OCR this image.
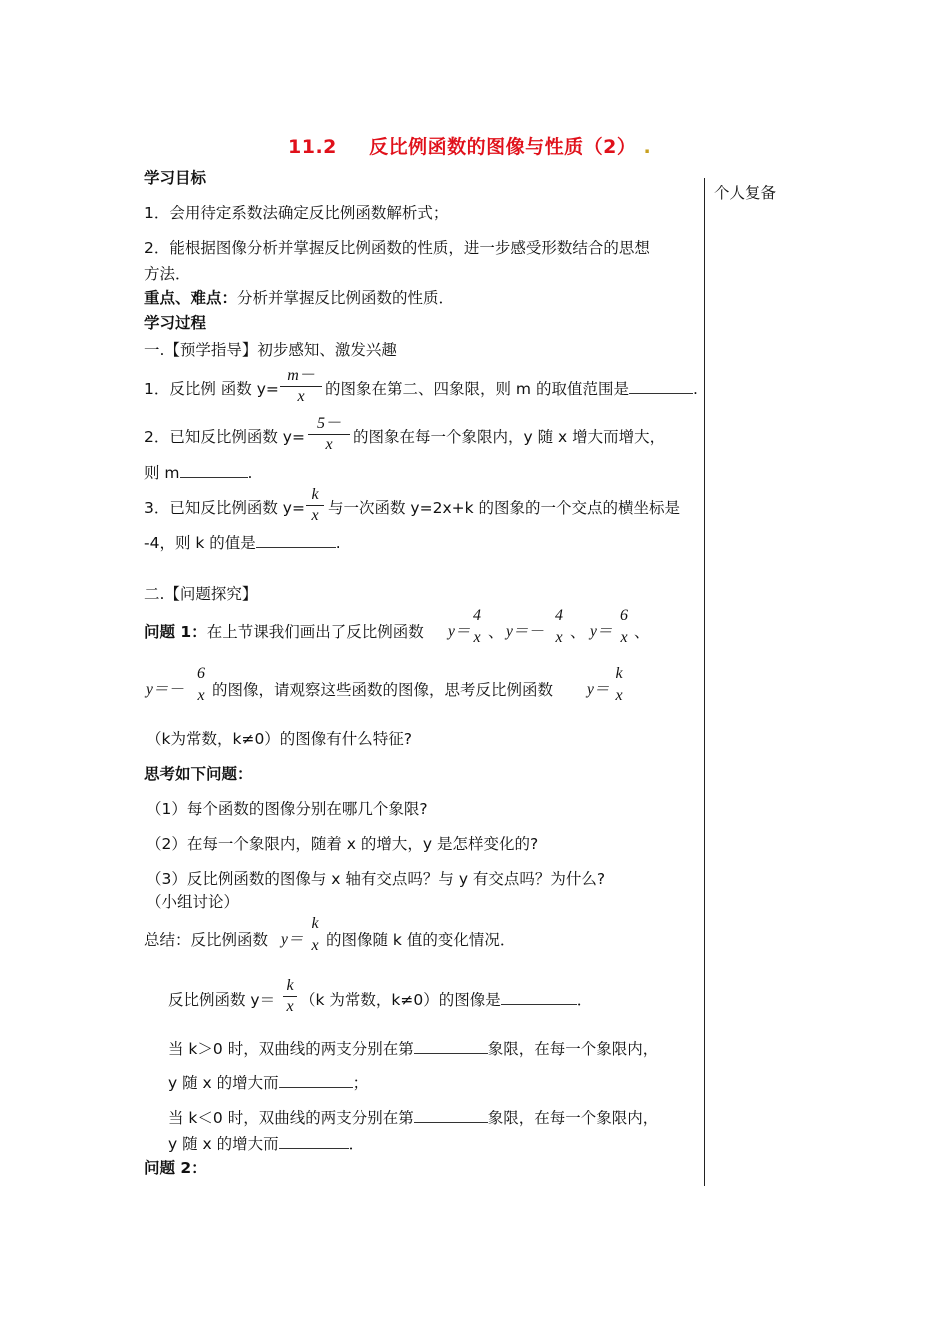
11.2 反比例函数的图像与性质（2） .
个人复备
学习目标
1．会用待定系数法确定反比例函数解析式；
2．能根据图像分析并掌握反比例函数的性质，进一步感受形数结合的思想
方法．
重点、难点：分析并掌握反比例函数的性质．
学习过程
一.【预学指导】初步感知、激发兴趣
1．反比例 函数 y=
m－
x	的图象在第二、四象限，则 m 的取值范围是	.
2．已知反比例函数 y=
5－
x	的图象在每一个象限内，y 随 x 增大而增大，
则 m	.
3．已知反比例函数 y=
k
x 与一次函数 y=2x+k 的图象的一个交点的横坐标是
-4，则 k 的值是	.
二.【问题探究】
问题 1：在上节课我们画出了反比例函数 y＝
4
x 、 y＝－
4
x 、 y＝
6
x 、
y＝－
6
x 的图像，请观察这些函数的图像，思考反比例函数 y＝
k
x
（k为常数，k≠0）的图像有什么特征?
思考如下问题：
（1）每个函数的图像分别在哪几个象限?
（2）在每一个象限内，随着 x 的增大，y 是怎样变化的?
（3）反比例函数的图像与 x 轴有交点吗？与 y 有交点吗？为什么?
（小组讨论）
总结：反比例函数 y＝
k
x 的图像随 k 值的变化情况．
反比例函数 y＝
k
x （k 为常数，k≠0）的图像是	．
当 k＞0 时，双曲线的两支分别在第	象限，在每一个象限内，
y 随 x 的增大而	；
当 k＜0 时，双曲线的两支分别在第	象限，在每一个象限内，
y 随 x 的增大而	．
问题 2：
